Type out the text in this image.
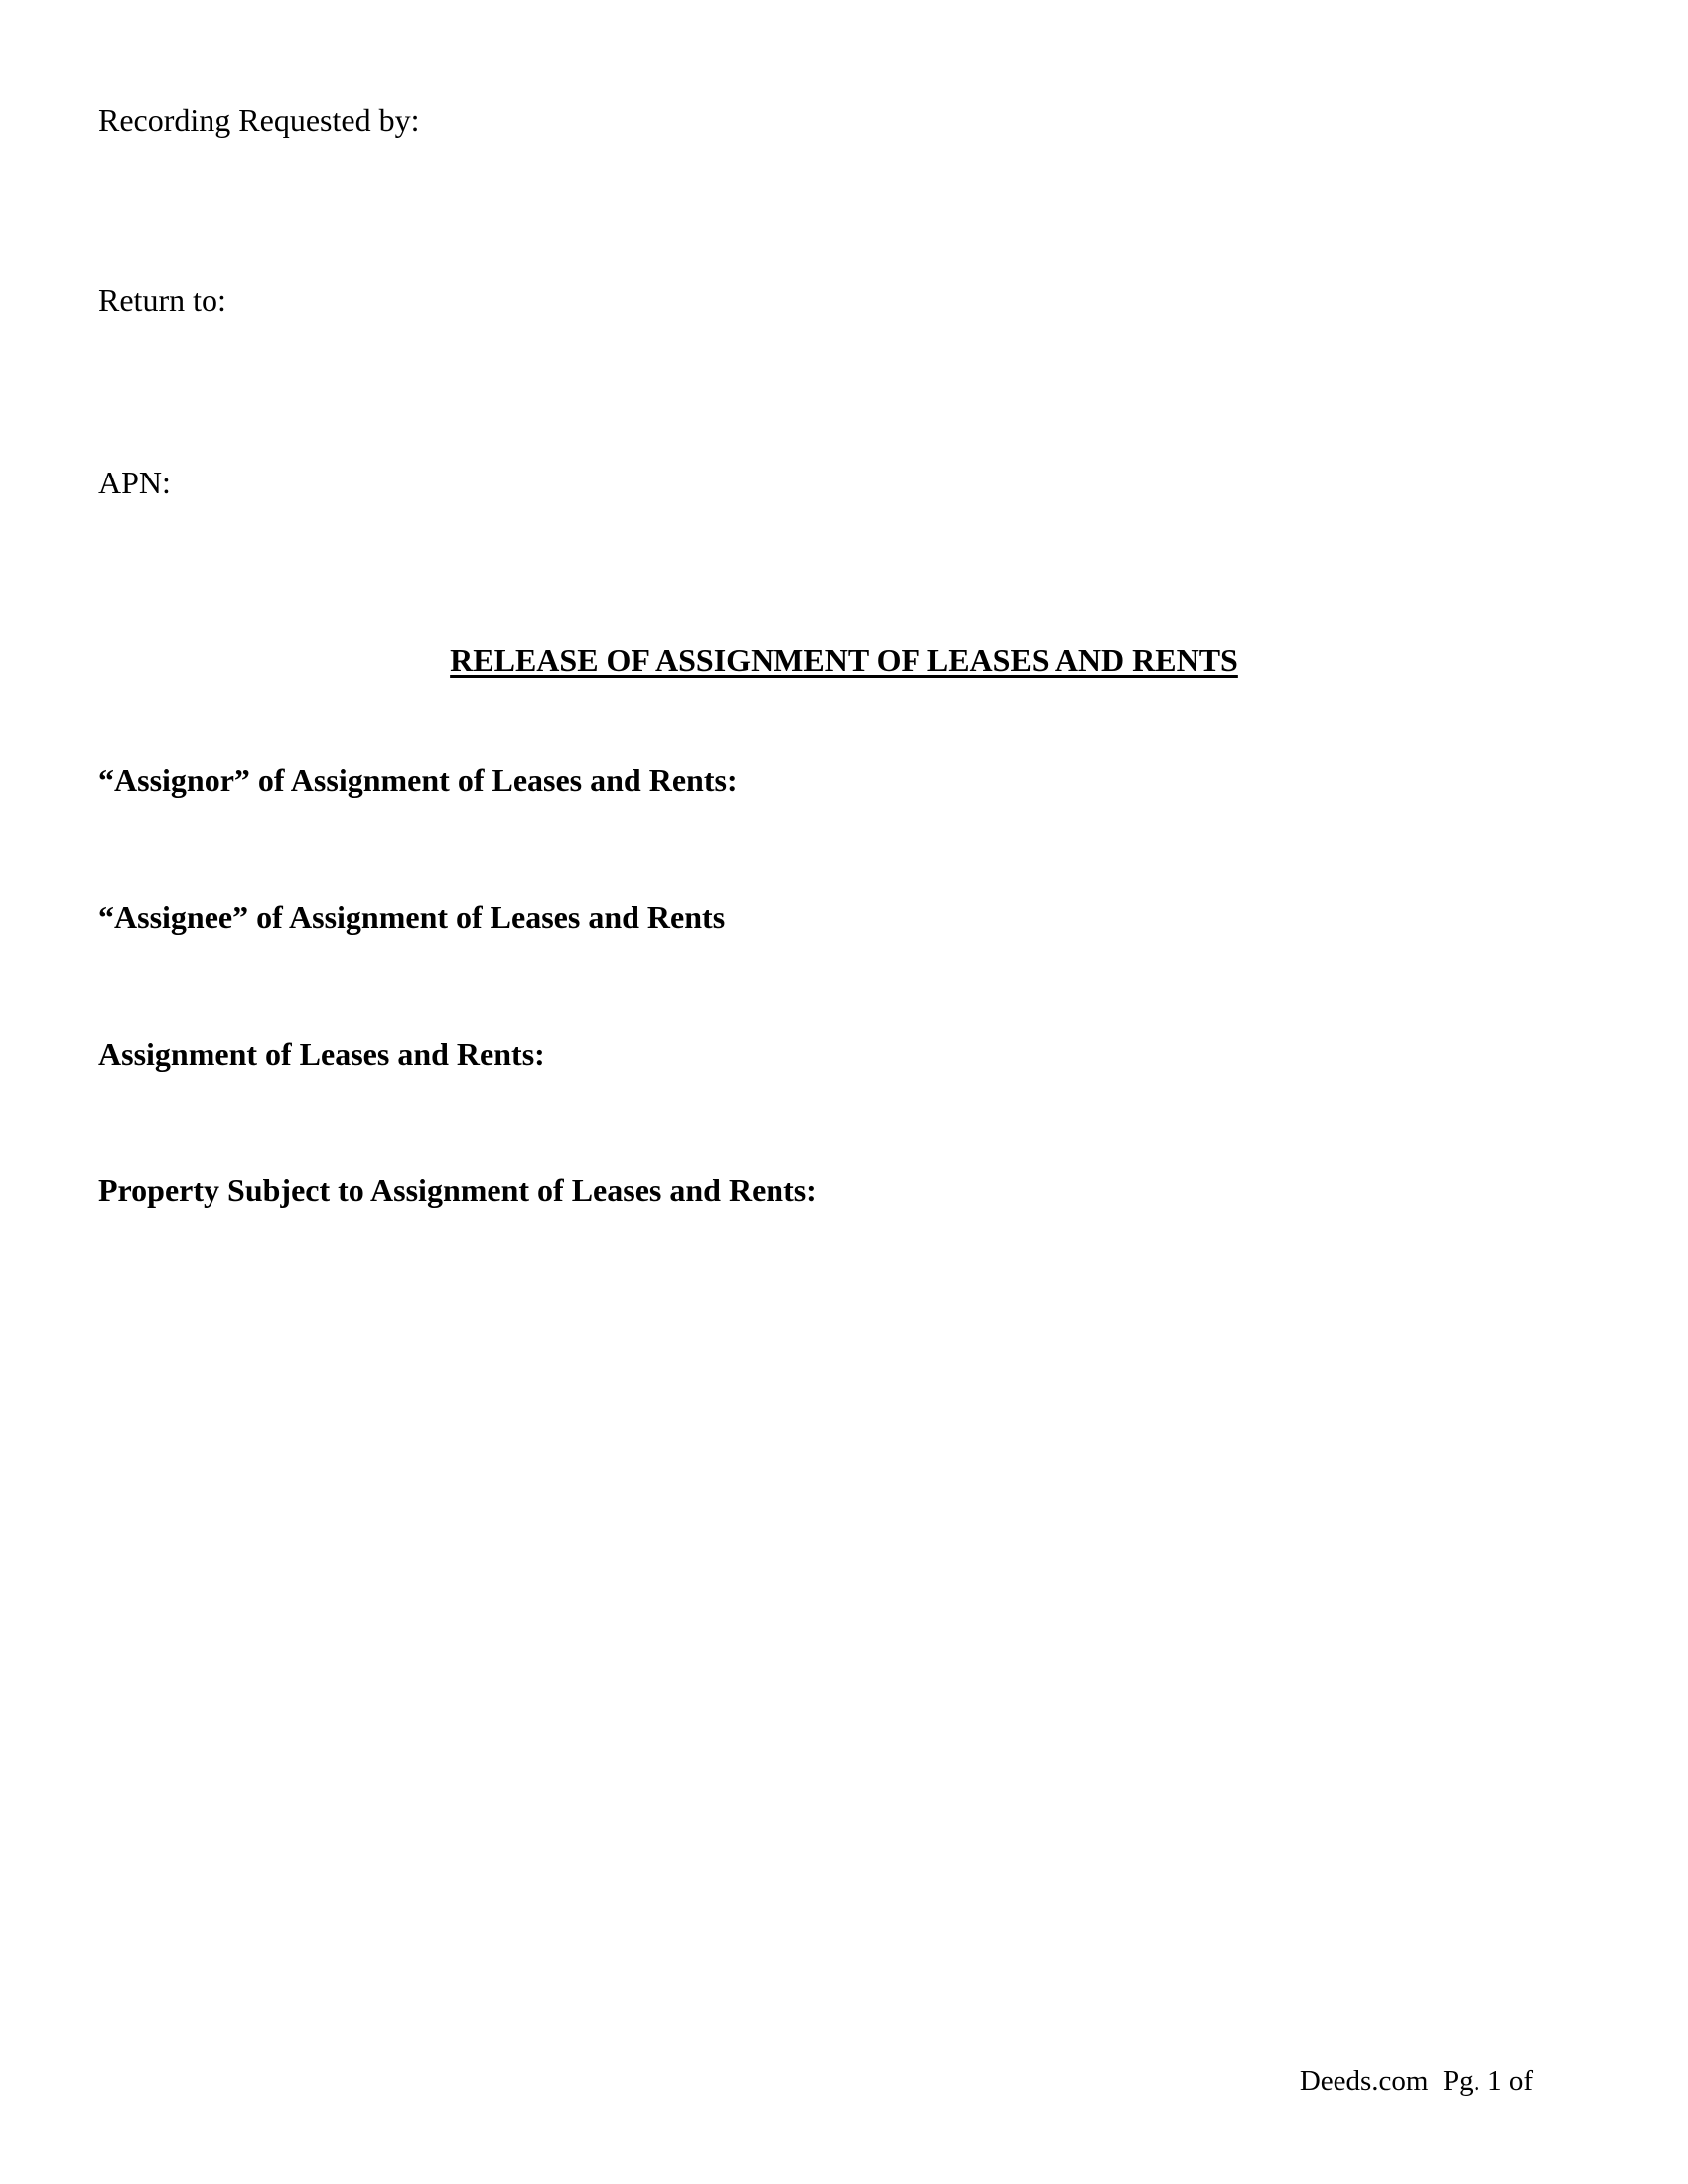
Recording Requested by:
Return to:
APN:
RELEASE OF ASSIGNMENT OF LEASES AND RENTS
“Assignor” of Assignment of Leases and Rents:
“Assignee” of Assignment of Leases and Rents
Assignment of Leases and Rents:
Property Subject to Assignment of Leases and Rents:
Deeds.com  Pg. 1 of
